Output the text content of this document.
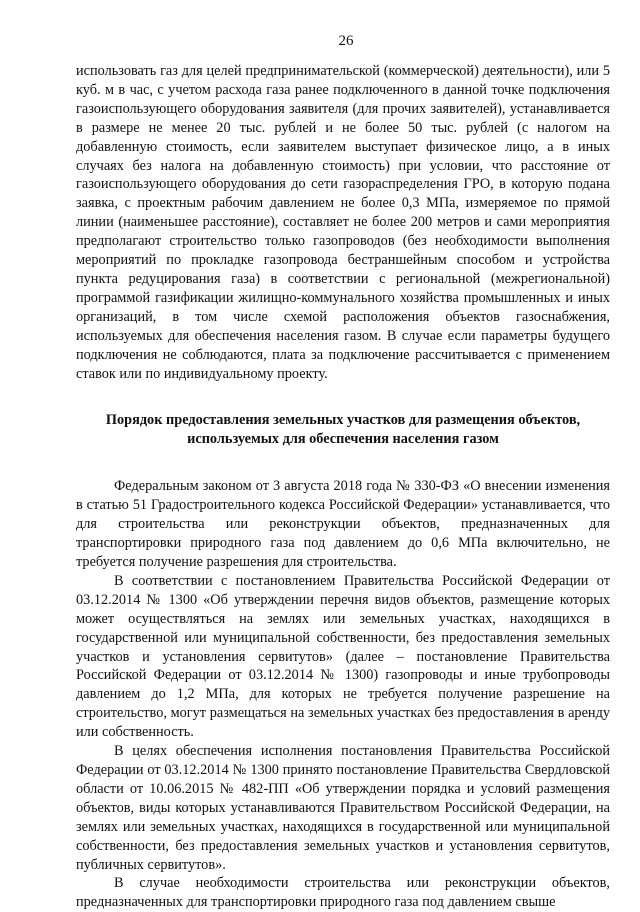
26

использовать газ для целей предпринимательской (коммерческой) деятельности), или 5 куб. м в час, с учетом расхода газа ранее подключенного в данной точке подключения газоиспользующего оборудования заявителя (для прочих заявителей), устанавливается в размере не менее 20 тыс. рублей и не более 50 тыс. рублей (с налогом на добавленную стоимость, если заявителем выступает физическое лицо, а в иных случаях без налога на добавленную стоимость) при условии, что расстояние от газоиспользующего оборудования до сети газораспределения ГРО, в которую подана заявка, с проектным рабочим давлением не более 0,3 МПа, измеряемое по прямой линии (наименьшее расстояние), составляет не более 200 метров и сами мероприятия предполагают строительство только газопроводов (без необходимости выполнения мероприятий по прокладке газопровода бестраншейным способом и устройства пункта редуцирования газа) в соответствии с региональной (межрегиональной) программой газификации жилищно-коммунального хозяйства промышленных и иных организаций, в том числе схемой расположения объектов газоснабжения, используемых для обеспечения населения газом. В случае если параметры будущего подключения не соблюдаются, плата за подключение рассчитывается с применением ставок или по индивидуальному проекту.

Порядок предоставления земельных участков для размещения объектов,
используемых для обеспечения населения газом

Федеральным законом от 3 августа 2018 года № 330-ФЗ «О внесении изменения в статью 51 Градостроительного кодекса Российской Федерации» устанавливается, что для строительства или реконструкции объектов, предназначенных для транспортировки природного газа под давлением до 0,6 МПа включительно, не требуется получение разрешения для строительства.

В соответствии с постановлением Правительства Российской Федерации от 03.12.2014 № 1300 «Об утверждении перечня видов объектов, размещение которых может осуществляться на землях или земельных участках, находящихся в государственной или муниципальной собственности, без предоставления земельных участков и установления сервитутов» (далее – постановление Правительства Российской Федерации от 03.12.2014 № 1300) газопроводы и иные трубопроводы давлением до 1,2 МПа, для которых не требуется получение разрешение на строительство, могут размещаться на земельных участках без предоставления в аренду или собственность.

В целях обеспечения исполнения постановления Правительства Российской Федерации от 03.12.2014 № 1300 принято постановление Правительства Свердловской области от 10.06.2015 № 482-ПП «Об утверждении порядка и условий размещения объектов, виды которых устанавливаются Правительством Российской Федерации, на землях или земельных участках, находящихся в государственной или муниципальной собственности, без предоставления земельных участков и установления сервитутов, публичных сервитутов».

В случае необходимости строительства или реконструкции объектов, предназначенных для транспортировки природного газа под давлением свыше
